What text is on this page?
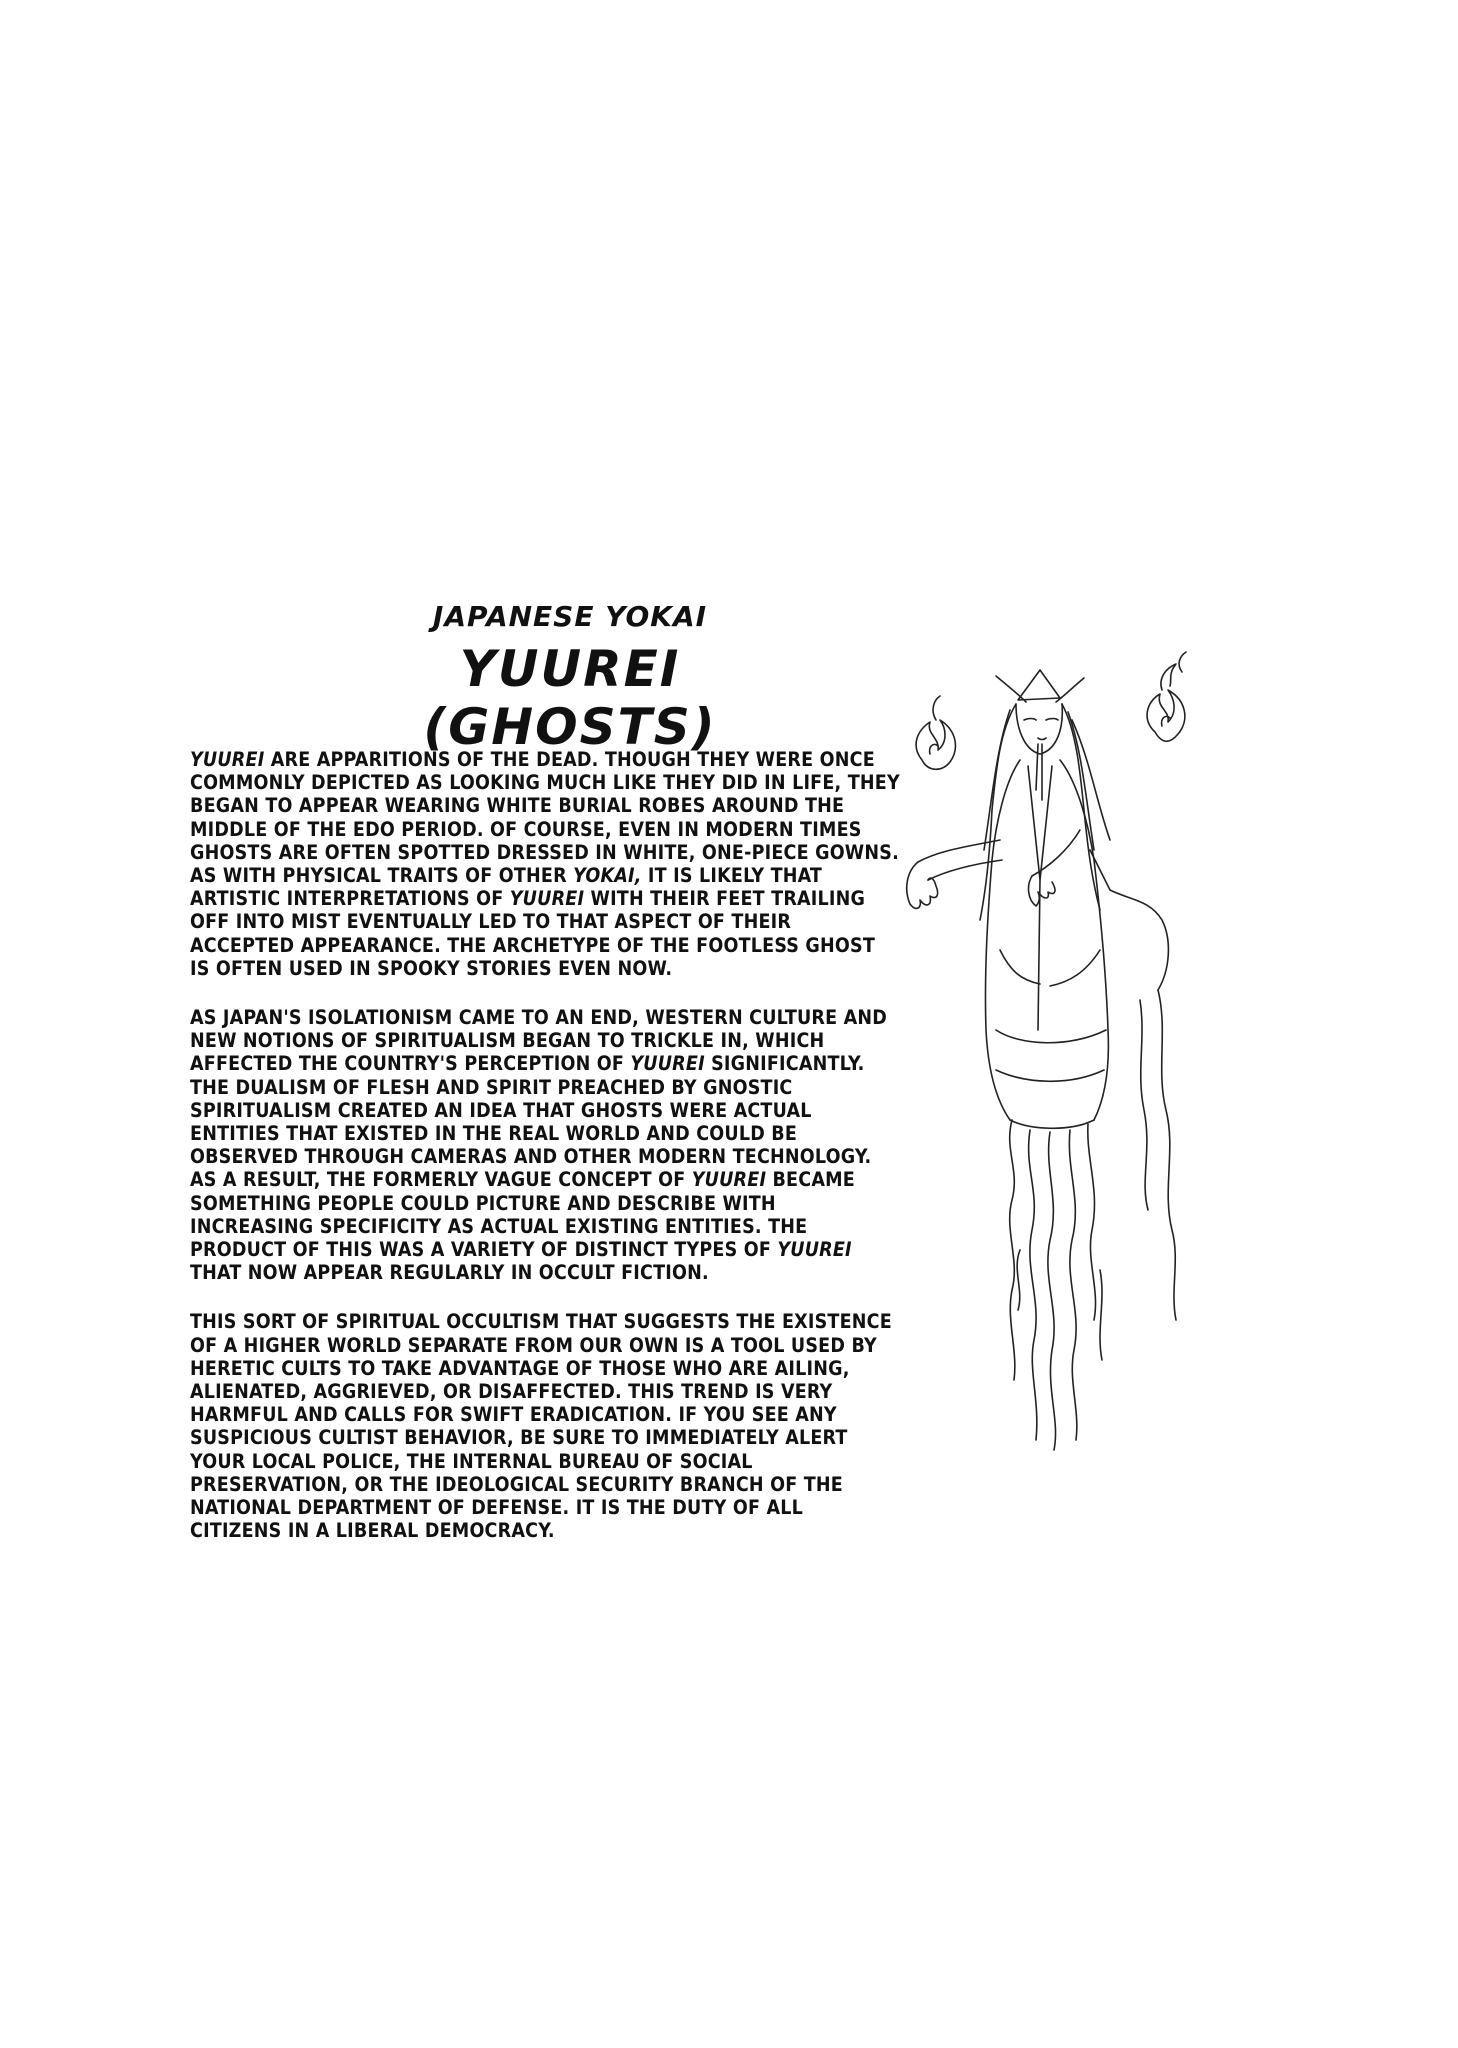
JAPANESE YOKAI
YUUREI
(GHOSTS)

YUUREI ARE APPARITIONS OF THE DEAD. THOUGH THEY WERE ONCE COMMONLY DEPICTED AS LOOKING MUCH LIKE THEY DID IN LIFE, THEY BEGAN TO APPEAR WEARING WHITE BURIAL ROBES AROUND THE MIDDLE OF THE EDO PERIOD. OF COURSE, EVEN IN MODERN TIMES GHOSTS ARE OFTEN SPOTTED DRESSED IN WHITE, ONE-PIECE GOWNS. AS WITH PHYSICAL TRAITS OF OTHER YOKAI, IT IS LIKELY THAT ARTISTIC INTERPRETATIONS OF YUUREI WITH THEIR FEET TRAILING OFF INTO MIST EVENTUALLY LED TO THAT ASPECT OF THEIR ACCEPTED APPEARANCE. THE ARCHETYPE OF THE FOOTLESS GHOST IS OFTEN USED IN SPOOKY STORIES EVEN NOW.

AS JAPAN'S ISOLATIONISM CAME TO AN END, WESTERN CULTURE AND NEW NOTIONS OF SPIRITUALISM BEGAN TO TRICKLE IN, WHICH AFFECTED THE COUNTRY'S PERCEPTION OF YUUREI SIGNIFICANTLY. THE DUALISM OF FLESH AND SPIRIT PREACHED BY GNOSTIC SPIRITUALISM CREATED AN IDEA THAT GHOSTS WERE ACTUAL ENTITIES THAT EXISTED IN THE REAL WORLD AND COULD BE OBSERVED THROUGH CAMERAS AND OTHER MODERN TECHNOLOGY. AS A RESULT, THE FORMERLY VAGUE CONCEPT OF YUUREI BECAME SOMETHING PEOPLE COULD PICTURE AND DESCRIBE WITH INCREASING SPECIFICITY AS ACTUAL EXISTING ENTITIES. THE PRODUCT OF THIS WAS A VARIETY OF DISTINCT TYPES OF YUUREI THAT NOW APPEAR REGULARLY IN OCCULT FICTION.

THIS SORT OF SPIRITUAL OCCULTISM THAT SUGGESTS THE EXISTENCE OF A HIGHER WORLD SEPARATE FROM OUR OWN IS A TOOL USED BY HERETIC CULTS TO TAKE ADVANTAGE OF THOSE WHO ARE AILING, ALIENATED, AGGRIEVED, OR DISAFFECTED. THIS TREND IS VERY HARMFUL AND CALLS FOR SWIFT ERADICATION. IF YOU SEE ANY SUSPICIOUS CULTIST BEHAVIOR, BE SURE TO IMMEDIATELY ALERT YOUR LOCAL POLICE, THE INTERNAL BUREAU OF SOCIAL PRESERVATION, OR THE IDEOLOGICAL SECURITY BRANCH OF THE NATIONAL DEPARTMENT OF DEFENSE. IT IS THE DUTY OF ALL CITIZENS IN A LIBERAL DEMOCRACY.
